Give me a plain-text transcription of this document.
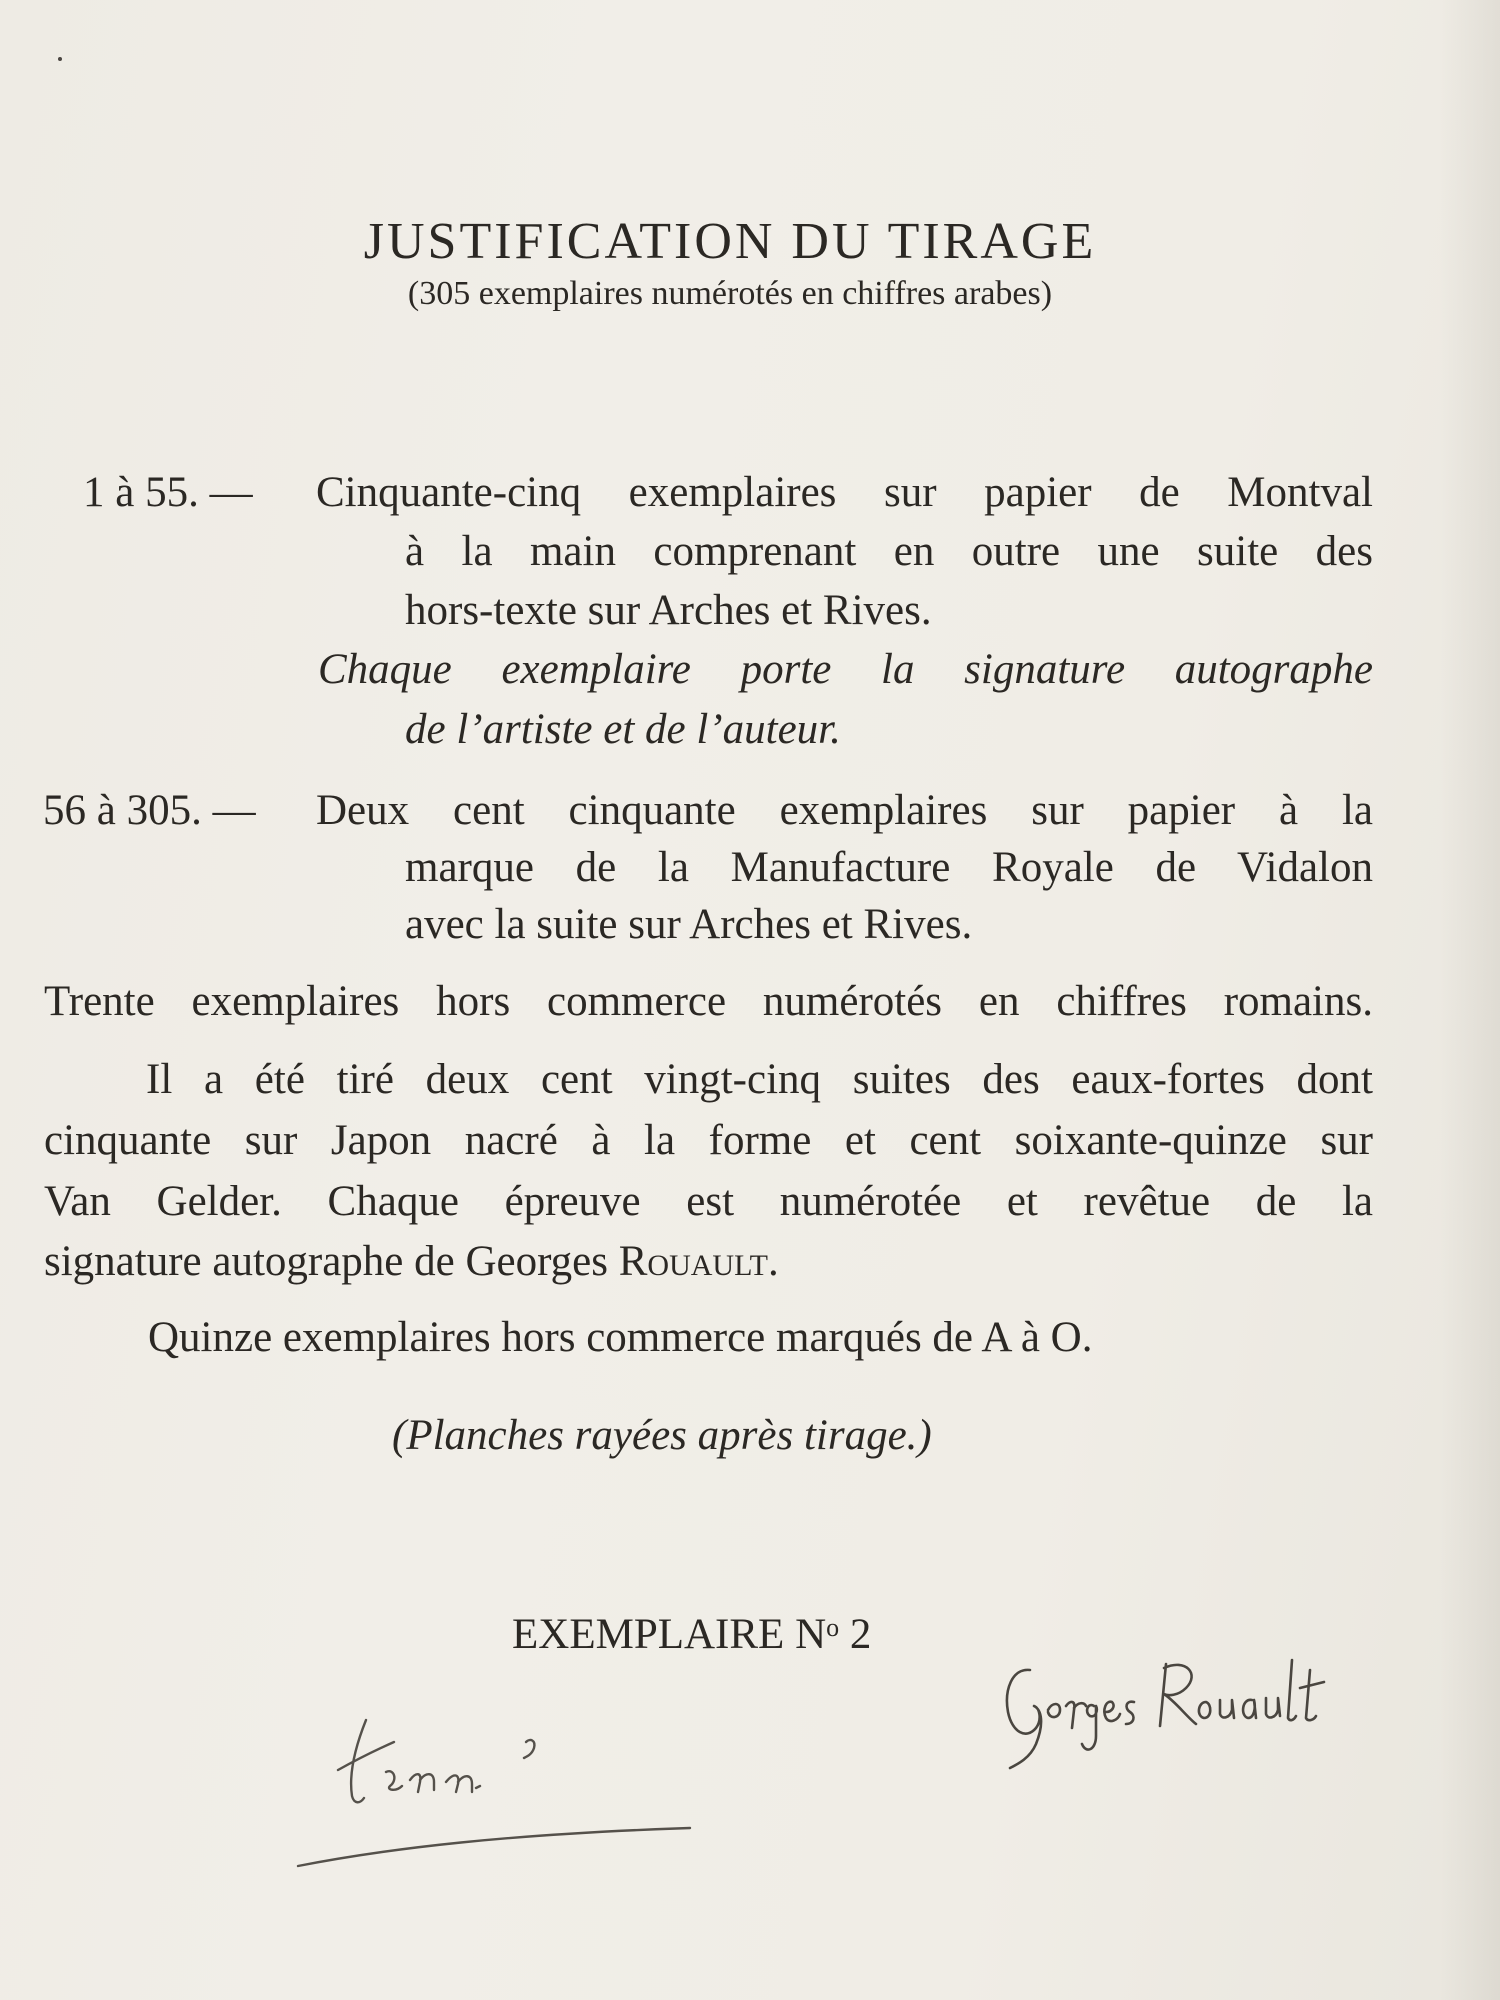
JUSTIFICATION DU TIRAGE
(305 exemplaires numérotés en chiffres arabes)
1 à 55. — Cinquante-cinq exemplaires sur papier de Montval
à la main comprenant en outre une suite des
hors-texte sur Arches et Rives.
Chaque exemplaire porte la signature autographe
de l’artiste et de l’auteur.
56 à 305. — Deux cent cinquante exemplaires sur papier à la
marque de la Manufacture Royale de Vidalon
avec la suite sur Arches et Rives.
Trente exemplaires hors commerce numérotés en chiffres romains.
Il a été tiré deux cent vingt-cinq suites des eaux-fortes dont
cinquante sur Japon nacré à la forme et cent soixante-quinze sur
Van Gelder. Chaque épreuve est numérotée et revêtue de la
signature autographe de Georges Rouault.
Quinze exemplaires hors commerce marqués de A à O.
(Planches rayées après tirage.)
EXEMPLAIRE $N^o$ 2
